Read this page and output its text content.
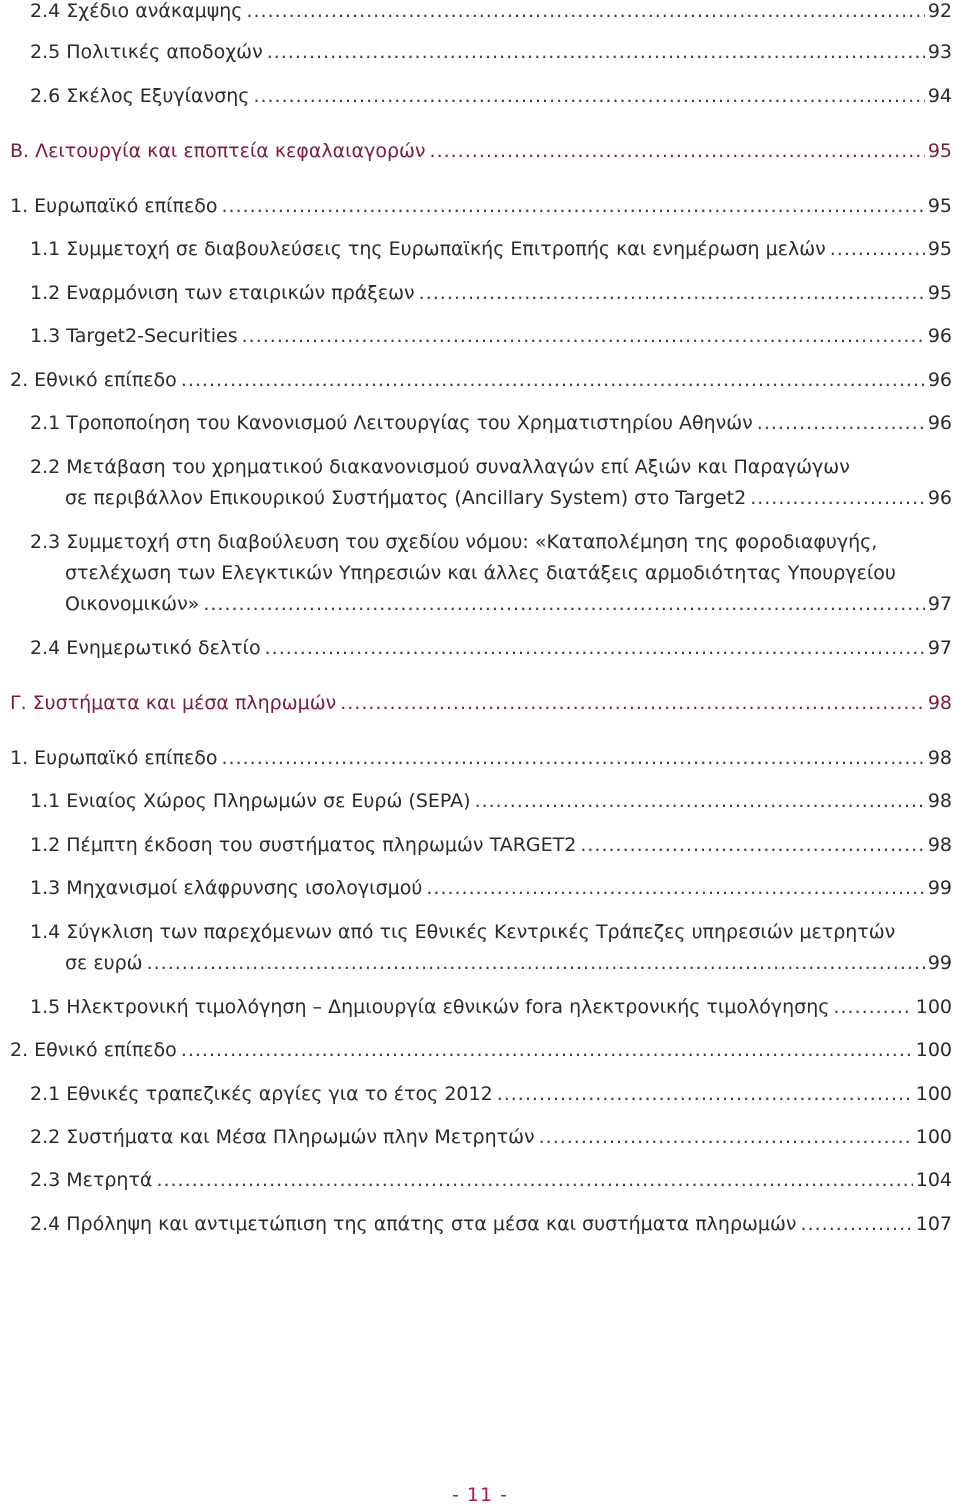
2.4 Σχέδιο ανάκαμψης .....	92
2.5 Πολιτικές αποδοχών .....	93
2.6 Σκέλος Εξυγίανσης .....	94
Β. Λειτουργία και εποπτεία κεφαλαιαγορών .....	95
1. Ευρωπαϊκό επίπεδο .....	95
1.1 Συμμετοχή σε διαβουλεύσεις της Ευρωπαϊκής Επιτροπής και ενημέρωση μελών .....	95
1.2 Εναρμόνιση των εταιρικών πράξεων .....	95
1.3 Target2-Securities .....	96
2. Εθνικό επίπεδο .....	96
2.1 Τροποποίηση του Κανονισμού Λειτουργίας του Χρηματιστηρίου Αθηνών .....	96
2.2 Μετάβαση του χρηματικού διακανονισμού συναλλαγών επί Αξιών και Παραγώγων
σε περιβάλλον Επικουρικού Συστήματος (Ancillary System) στο Target2 .....	96
2.3 Συμμετοχή στη διαβούλευση του σχεδίου νόμου: «Καταπολέμηση της φοροδιαφυγής,
στελέχωση των Ελεγκτικών Υπηρεσιών και άλλες διατάξεις αρμοδιότητας Υπουργείου
Οικονομικών» .....	97
2.4 Ενημερωτικό δελτίο .....	97
Γ. Συστήματα και μέσα πληρωμών .....	98
1. Ευρωπαϊκό επίπεδο .....	98
1.1 Ενιαίος Χώρος Πληρωμών σε Ευρώ (SEPA) .....	98
1.2 Πέμπτη έκδοση του συστήματος πληρωμών TARGET2 .....	98
1.3 Μηχανισμοί ελάφρυνσης ισολογισμού .....	99
1.4 Σύγκλιση των παρεχόμενων από τις Εθνικές Κεντρικές Τράπεζες υπηρεσιών μετρητών
σε ευρώ .....	99
1.5 Ηλεκτρονική τιμολόγηση – Δημιουργία εθνικών fora ηλεκτρονικής τιμολόγησης .....	100
2. Εθνικό επίπεδο .....	100
2.1 Εθνικές τραπεζικές αργίες για το έτος 2012 .....	100
2.2 Συστήματα και Μέσα Πληρωμών πλην Μετρητών .....	100
2.3 Μετρητά .....	104
2.4 Πρόληψη και αντιμετώπιση της απάτης στα μέσα και συστήματα πληρωμών .....	107
- 11 -
